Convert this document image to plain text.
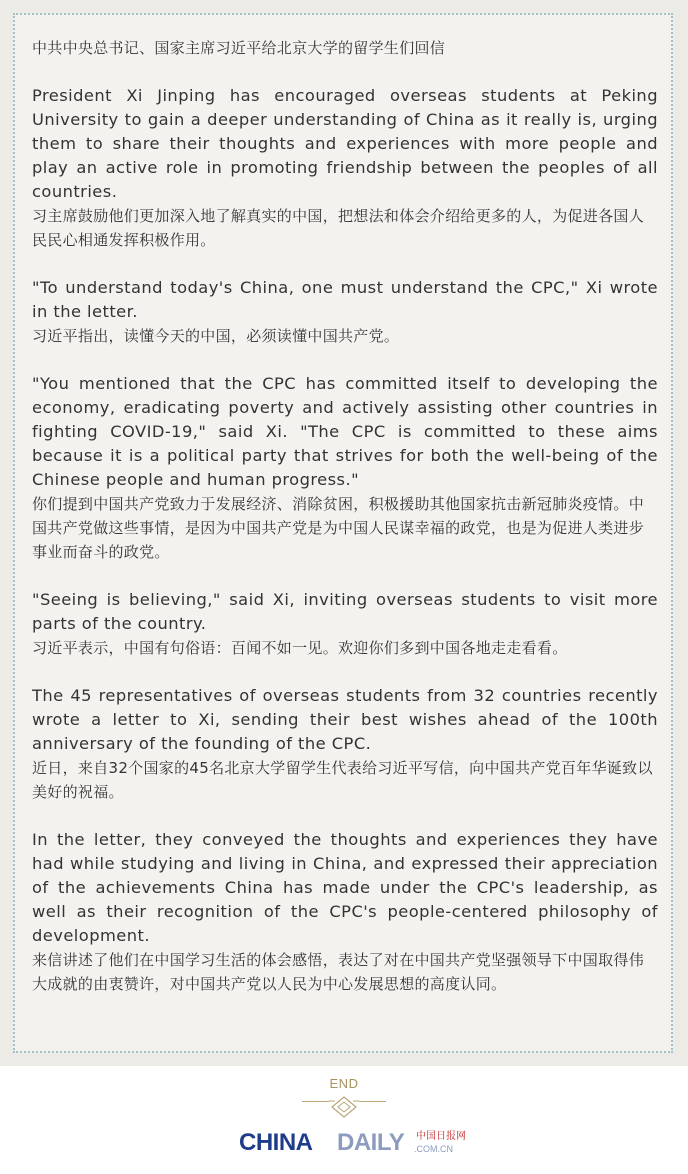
中共中央总书记、国家主席习近平给北京大学的留学生们回信

President Xi Jinping has encouraged overseas students at Peking University to gain a deeper understanding of China as it really is, urging them to share their thoughts and experiences with more people and play an active role in promoting friendship between the peoples of all countries.

习主席鼓励他们更加深入地了解真实的中国，把想法和体会介绍给更多的人，为促进各国人民民心相通发挥积极作用。

"To understand today's China, one must understand the CPC," Xi wrote in the letter.

习近平指出，读懂今天的中国，必须读懂中国共产党。

"You mentioned that the CPC has committed itself to developing the economy, eradicating poverty and actively assisting other countries in fighting COVID-19," said Xi. "The CPC is committed to these aims because it is a political party that strives for both the well-being of the Chinese people and human progress."

你们提到中国共产党致力于发展经济、消除贫困，积极援助其他国家抗击新冠肺炎疫情。中国共产党做这些事情，是因为中国共产党是为中国人民谋幸福的政党，也是为促进人类进步事业而奋斗的政党。

"Seeing is believing," said Xi, inviting overseas students to visit more parts of the country.

习近平表示，中国有句俗语：百闻不如一见。欢迎你们多到中国各地走走看看。

The 45 representatives of overseas students from 32 countries recently wrote a letter to Xi, sending their best wishes ahead of the 100th anniversary of the founding of the CPC.

近日，来自32个国家的45名北京大学留学生代表给习近平写信，向中国共产党百年华诞致以美好的祝福。

In the letter, they conveyed the thoughts and experiences they have had while studying and living in China, and expressed their appreciation of the achievements China has made under the CPC's leadership, as well as their recognition of the CPC's people-centered philosophy of development.

来信讲述了他们在中国学习生活的体会感悟，表达了对在中国共产党坚强领导下中国取得伟大成就的由衷赞许，对中国共产党以人民为中心发展思想的高度认同。

END
CHINA DAILY 中国日报网
.COM.CN
